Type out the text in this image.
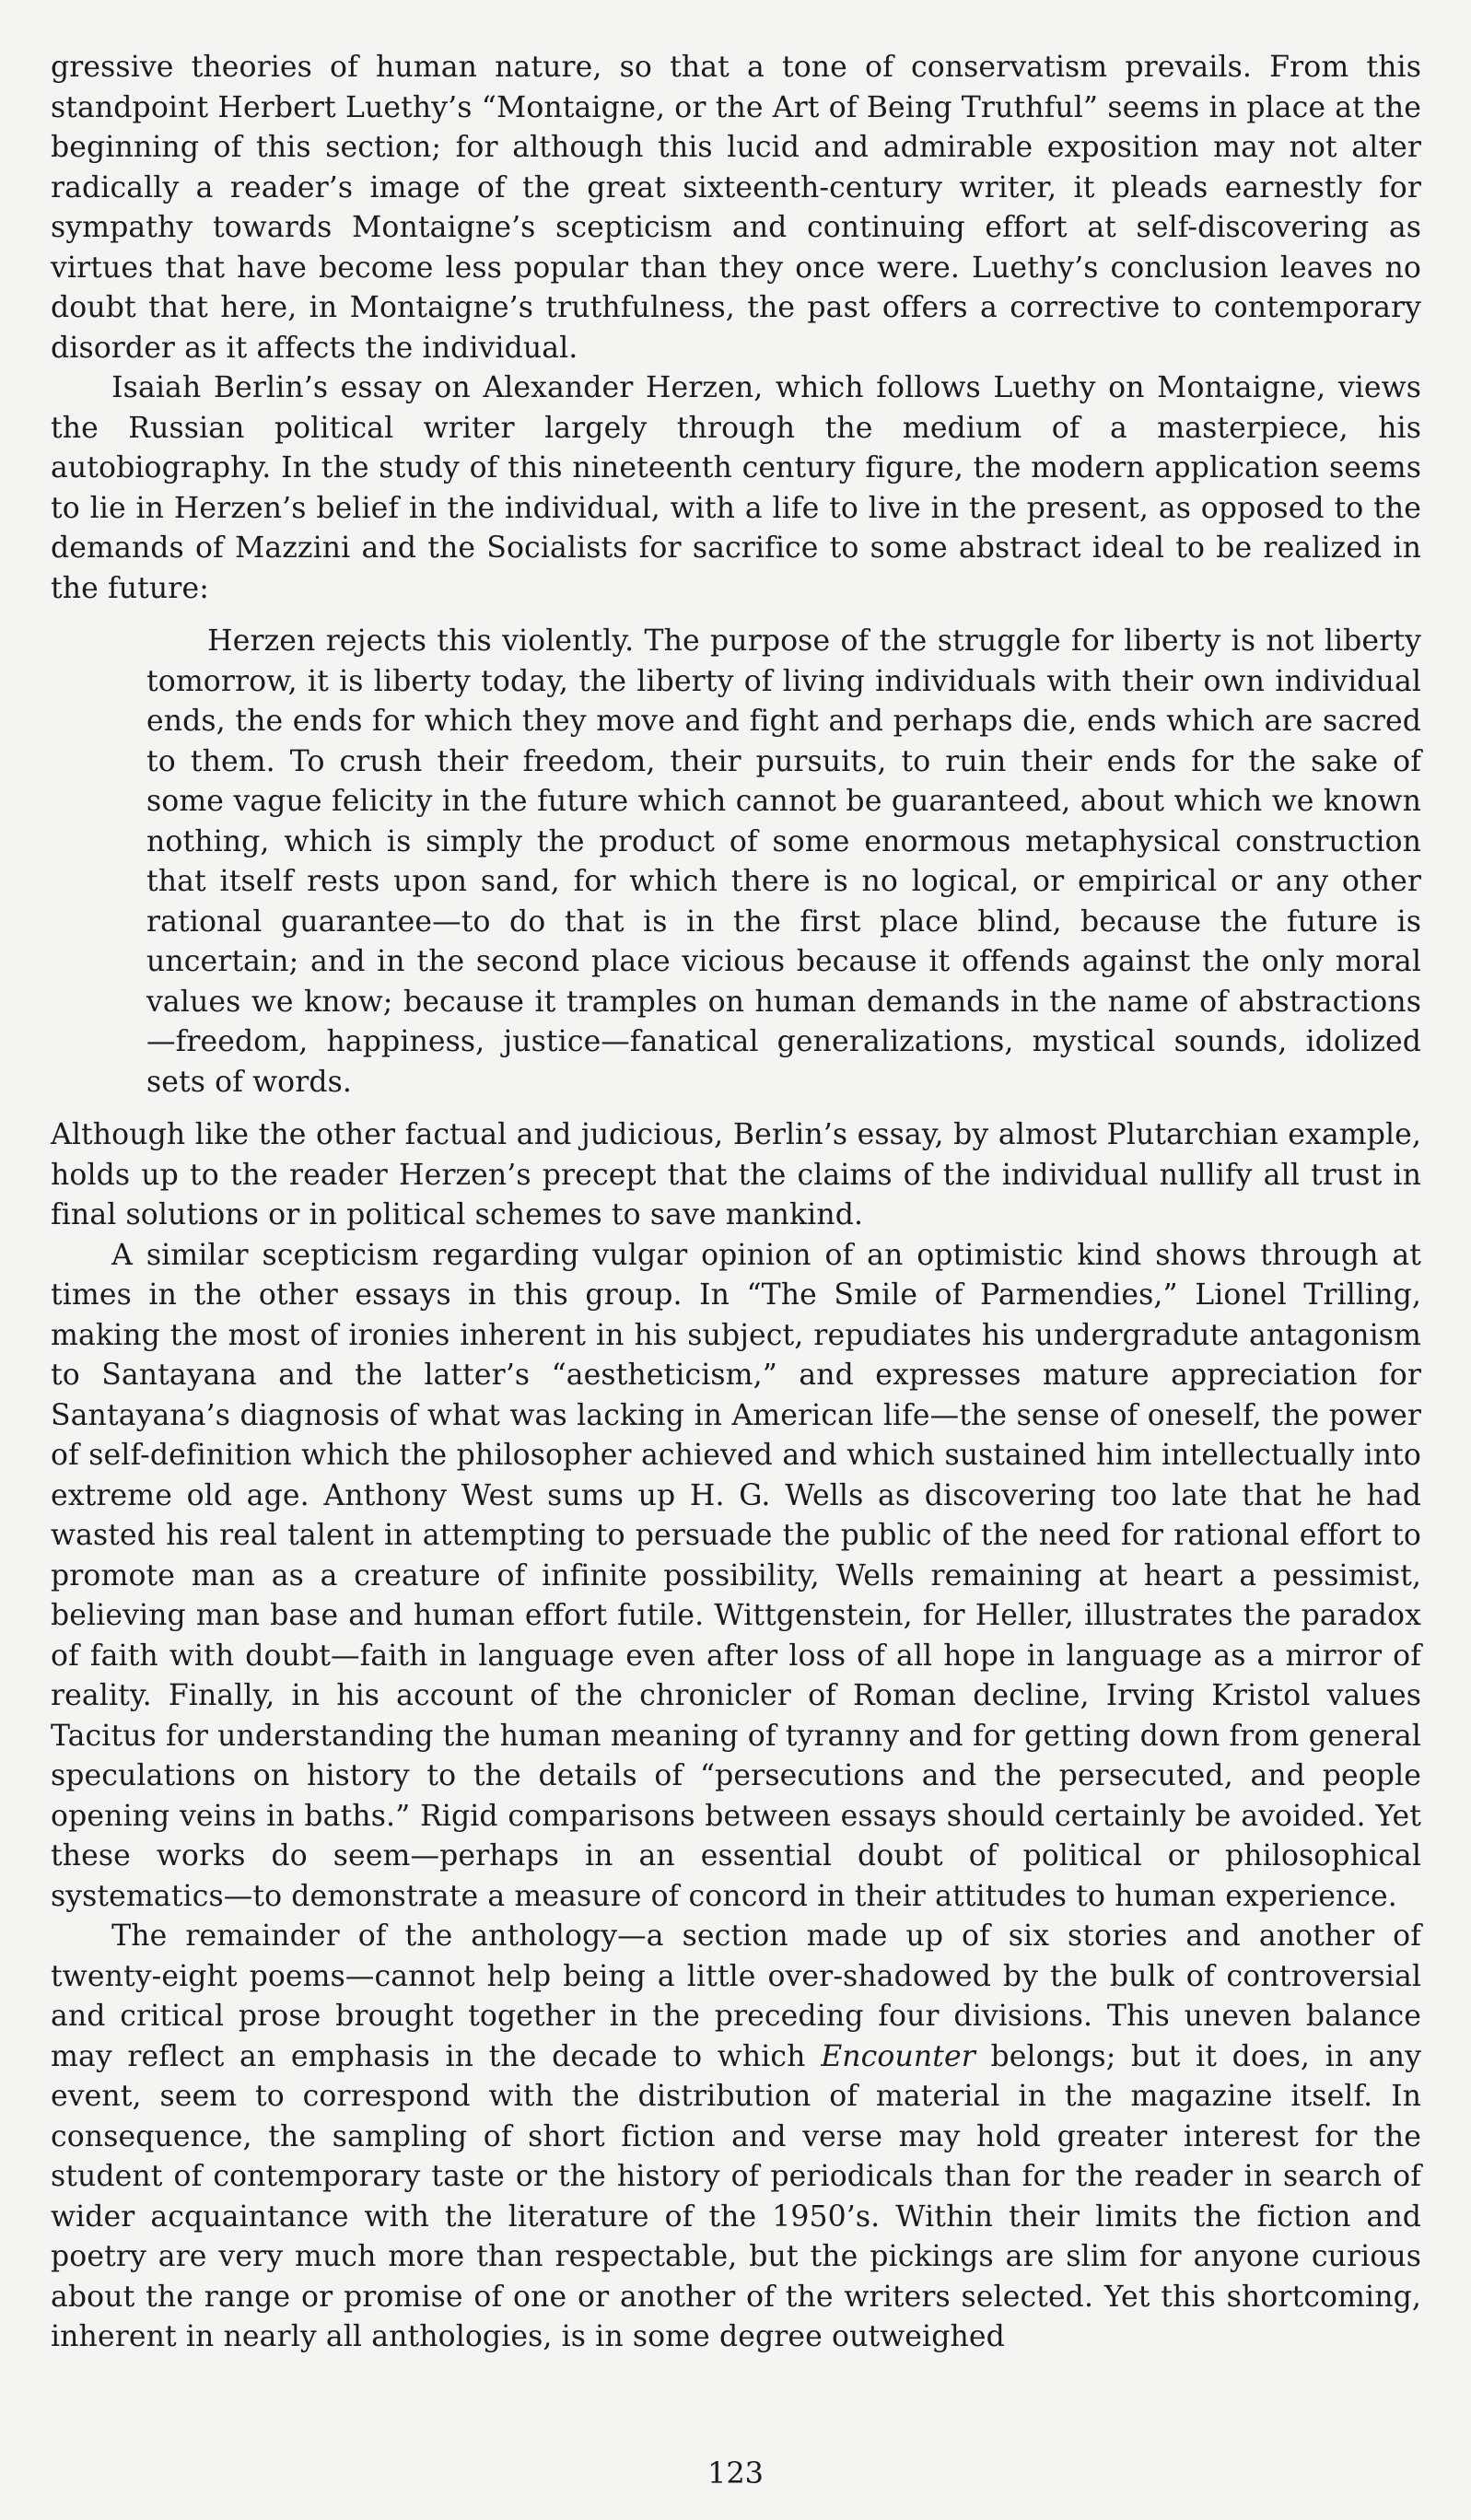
gressive theories of human nature, so that a tone of conservatism prevails. From this standpoint Herbert Luethy’s “Montaigne, or the Art of Being Truthful” seems in place at the beginning of this section; for although this lucid and admirable exposition may not alter radically a reader’s image of the great sixteenth-century writer, it pleads earnestly for sympathy towards Montaigne’s scepticism and continuing effort at self-discovering as virtues that have become less popular than they once were. Luethy’s conclusion leaves no doubt that here, in Montaigne’s truthfulness, the past offers a corrective to contemporary disorder as it affects the individual.

Isaiah Berlin’s essay on Alexander Herzen, which follows Luethy on Montaigne, views the Russian political writer largely through the medium of a masterpiece, his autobiography. In the study of this nineteenth century figure, the modern application seems to lie in Herzen’s belief in the individual, with a life to live in the present, as opposed to the demands of Mazzini and the Socialists for sacrifice to some abstract ideal to be realized in the future:

Herzen rejects this violently. The purpose of the struggle for liberty is not liberty tomorrow, it is liberty today, the liberty of living individuals with their own individual ends, the ends for which they move and fight and perhaps die, ends which are sacred to them. To crush their freedom, their pursuits, to ruin their ends for the sake of some vague felicity in the future which cannot be guaranteed, about which we known nothing, which is simply the product of some enormous metaphysical construction that itself rests upon sand, for which there is no logical, or empirical or any other rational guarantee—to do that is in the first place blind, because the future is uncertain; and in the second place vicious because it offends against the only moral values we know; because it tramples on human demands in the name of abstractions—freedom, happiness, justice—fanatical generalizations, mystical sounds, idolized sets of words.

Although like the other factual and judicious, Berlin’s essay, by almost Plutarchian example, holds up to the reader Herzen’s precept that the claims of the individual nullify all trust in final solutions or in political schemes to save mankind.

A similar scepticism regarding vulgar opinion of an optimistic kind shows through at times in the other essays in this group. In “The Smile of Parmendies,” Lionel Trilling, making the most of ironies inherent in his subject, repudiates his undergradute antagonism to Santayana and the latter’s “aestheticism,” and expresses mature appreciation for Santayana’s diagnosis of what was lacking in American life—the sense of oneself, the power of self-definition which the philosopher achieved and which sustained him intellectually into extreme old age. Anthony West sums up H. G. Wells as discovering too late that he had wasted his real talent in attempting to persuade the public of the need for rational effort to promote man as a creature of infinite possibility, Wells remaining at heart a pessimist, believing man base and human effort futile. Wittgenstein, for Heller, illustrates the paradox of faith with doubt—faith in language even after loss of all hope in language as a mirror of reality. Finally, in his account of the chronicler of Roman decline, Irving Kristol values Tacitus for understanding the human meaning of tyranny and for getting down from general speculations on history to the details of “persecutions and the persecuted, and people opening veins in baths.” Rigid comparisons between essays should certainly be avoided. Yet these works do seem—perhaps in an essential doubt of political or philosophical systematics—to demonstrate a measure of concord in their attitudes to human experience.

The remainder of the anthology—a section made up of six stories and another of twenty-eight poems—cannot help being a little over-shadowed by the bulk of controversial and critical prose brought together in the preceding four divisions. This uneven balance may reflect an emphasis in the decade to which Encounter belongs; but it does, in any event, seem to correspond with the distribution of material in the magazine itself. In consequence, the sampling of short fiction and verse may hold greater interest for the student of contemporary taste or the history of periodicals than for the reader in search of wider acquaintance with the literature of the 1950’s. Within their limits the fiction and poetry are very much more than respectable, but the pickings are slim for anyone curious about the range or promise of one or another of the writers selected. Yet this shortcoming, inherent in nearly all anthologies, is in some degree outweighed

123
